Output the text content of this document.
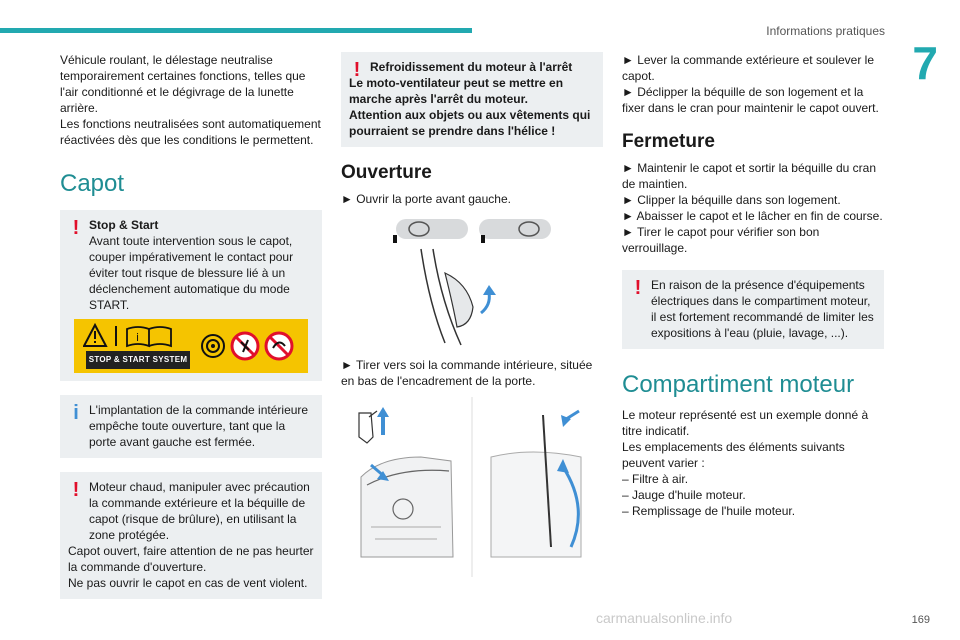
Informations pratiques
7

Véhicule roulant, le délestage neutralise temporairement certaines fonctions, telles que l'air conditionné et le dégivrage de la lunette arrière.

Les fonctions neutralisées sont automatiquement réactivées dès que les conditions le permettent.

Capot
! Stop & Start

Avant toute intervention sous le capot, couper impérativement le contact pour éviter tout risque de blessure lié à un déclenchement automatique du mode START.

i
STOP & START SYSTEM
i L'implantation de la commande intérieure empêche toute ouverture, tant que la porte avant gauche est fermée.

! Moteur chaud, manipuler avec précaution la commande extérieure et la béquille de capot (risque de brûlure), en utilisant la zone protégée.

Capot ouvert, faire attention de ne pas heurter la commande d'ouverture.

Ne pas ouvrir le capot en cas de vent violent.

! Refroidissement du moteur à l'arrêt

Le moto-ventilateur peut se mettre en marche après l'arrêt du moteur.

Attention aux objets ou aux vêtements qui pourraient se prendre dans l'hélice !

Ouverture

► Ouvrir la porte avant gauche.

► Tirer vers soi la commande intérieure, située en bas de l'encadrement de la porte.

► Lever la commande extérieure et soulever le capot.

► Déclipper la béquille de son logement et la fixer dans le cran pour maintenir le capot ouvert.

Fermeture

► Maintenir le capot et sortir la béquille du cran de maintien.

► Clipper la béquille dans son logement.

► Abaisser le capot et le lâcher en fin de course.

► Tirer le capot pour vérifier son bon verrouillage.

! En raison de la présence d'équipements électriques dans le compartiment moteur, il est fortement recommandé de limiter les expositions à l'eau (pluie, lavage, ...).

Compartiment moteur

Le moteur représenté est un exemple donné à titre indicatif.

Les emplacements des éléments suivants peuvent varier :

– Filtre à air.

– Jauge d'huile moteur.

– Remplissage de l'huile moteur.

carmanualsonline.info	169
